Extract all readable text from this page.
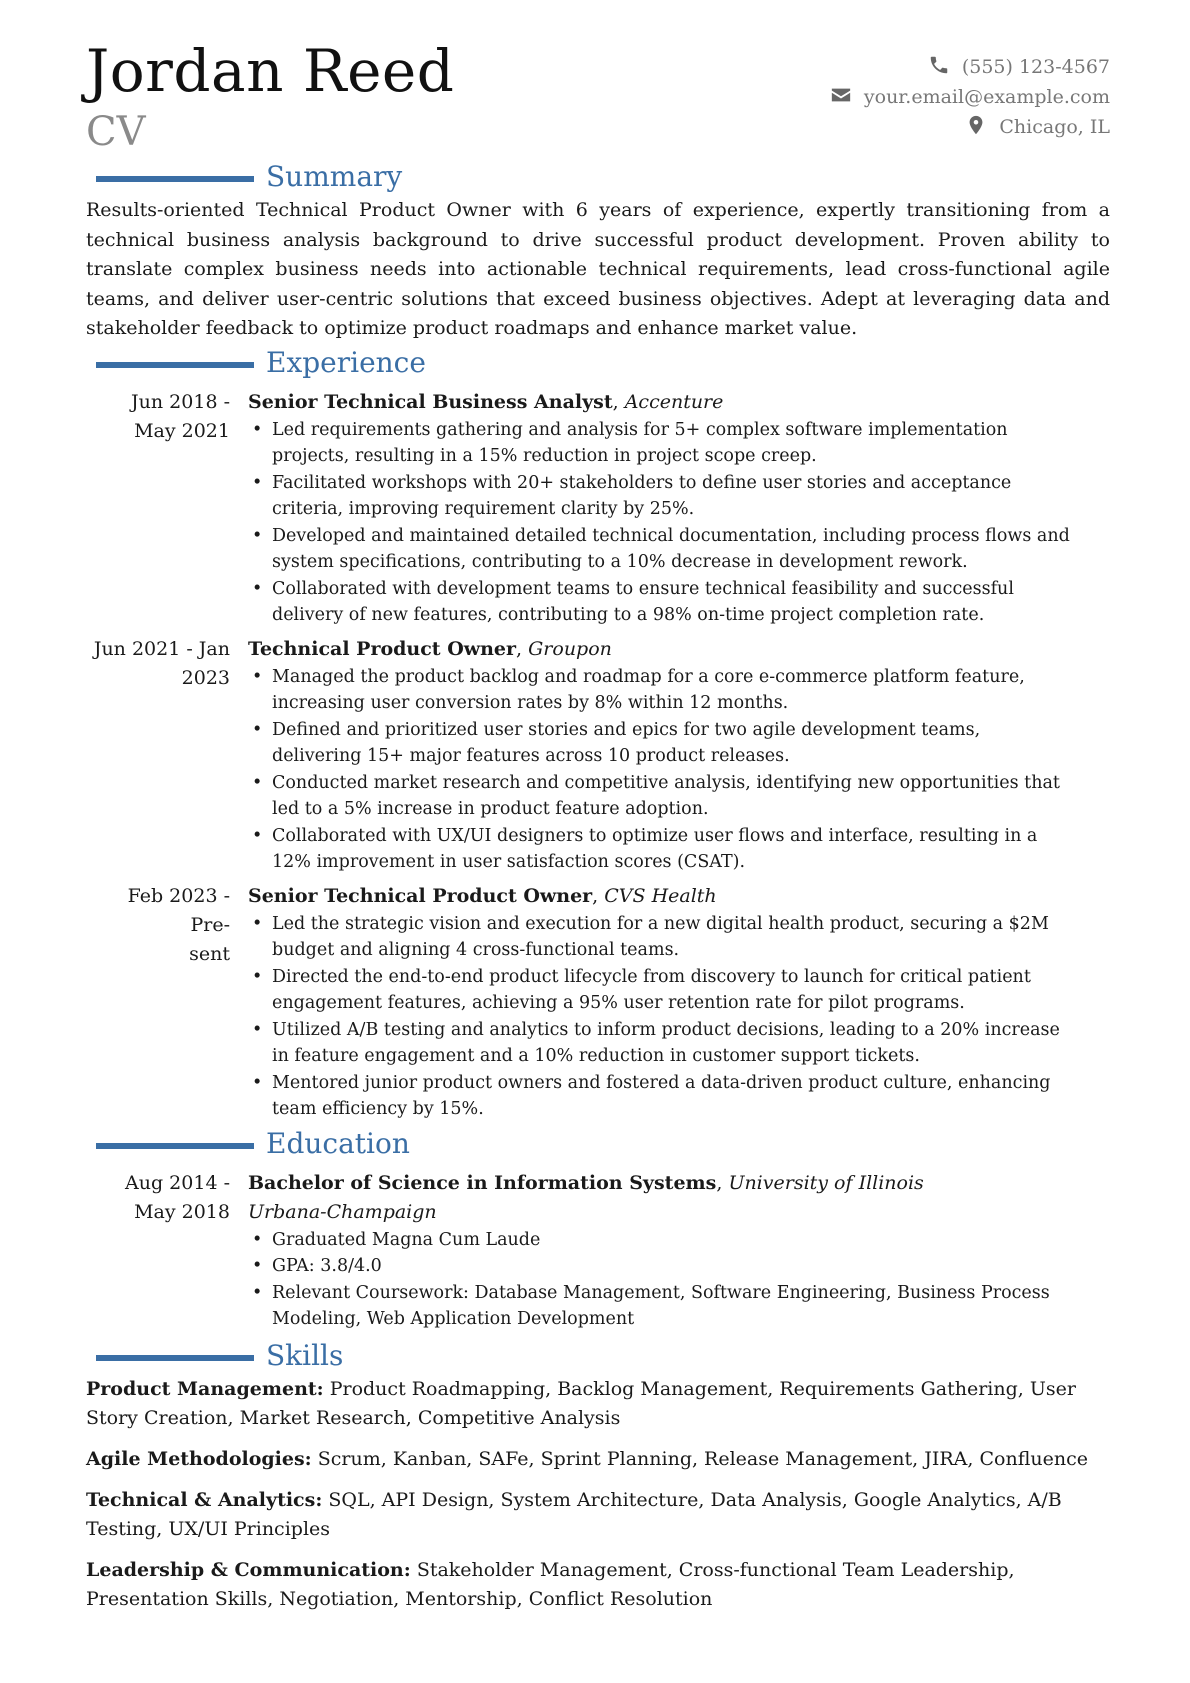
Jordan Reed
CV
(555) 123-4567
your.email@example.com
Chicago, IL
Summary

Results-oriented Technical Product Owner with 6 years of experience, expertly transitioning from a technical business analysis background to drive successful product development. Proven ability to translate complex business needs into actionable technical requirements, lead cross-functional agile teams, and deliver user-centric solutions that exceed business objectives. Adept at leveraging data and stakeholder feedback to optimize product roadmaps and enhance market value.

Experience
Jun 2018 -
May 2021
Senior Technical Business Analyst, Accenture
• Led requirements gathering and analysis for 5+ complex software implementation projects, resulting in a 15% reduction in project scope creep.
• Facilitated workshops with 20+ stakeholders to define user stories and acceptance criteria, improving requirement clarity by 25%.
• Developed and maintained detailed technical documentation, including process flows and system specifications, contributing to a 10% decrease in development rework.
• Collaborated with development teams to ensure technical feasibility and successful delivery of new features, contributing to a 98% on-time project completion rate.
Jun 2021 - Jan
2023
Technical Product Owner, Groupon
• Managed the product backlog and roadmap for a core e-commerce platform feature, increasing user conversion rates by 8% within 12 months.
• Defined and prioritized user stories and epics for two agile development teams, delivering 15+ major features across 10 product releases.
• Conducted market research and competitive analysis, identifying new opportunities that led to a 5% increase in product feature adoption.
• Collaborated with UX/UI designers to optimize user flows and interface, resulting in a 12% improvement in user satisfaction scores (CSAT).
Feb 2023 - Pre-
sent
Senior Technical Product Owner, CVS Health
• Led the strategic vision and execution for a new digital health product, securing a $2M budget and aligning 4 cross-functional teams.
• Directed the end-to-end product lifecycle from discovery to launch for critical patient engagement features, achieving a 95% user retention rate for pilot programs.
• Utilized A/B testing and analytics to inform product decisions, leading to a 20% increase in feature engagement and a 10% reduction in customer support tickets.
• Mentored junior product owners and fostered a data-driven product culture, enhancing team efficiency by 15%.
Education
Aug 2014 -
May 2018
Bachelor of Science in Information Systems, University of Illinois Urbana-Champaign
• Graduated Magna Cum Laude
• GPA: 3.8/4.0
• Relevant Coursework: Database Management, Software Engineering, Business Process Modeling, Web Application Development
Skills

Product Management: Product Roadmapping, Backlog Management, Requirements Gathering, User Story Creation, Market Research, Competitive Analysis

Agile Methodologies: Scrum, Kanban, SAFe, Sprint Planning, Release Management, JIRA, Confluence

Technical & Analytics: SQL, API Design, System Architecture, Data Analysis, Google Analytics, A/B Testing, UX/UI Principles

Leadership & Communication: Stakeholder Management, Cross-functional Team Leadership, Presentation Skills, Negotiation, Mentorship, Conflict Resolution
